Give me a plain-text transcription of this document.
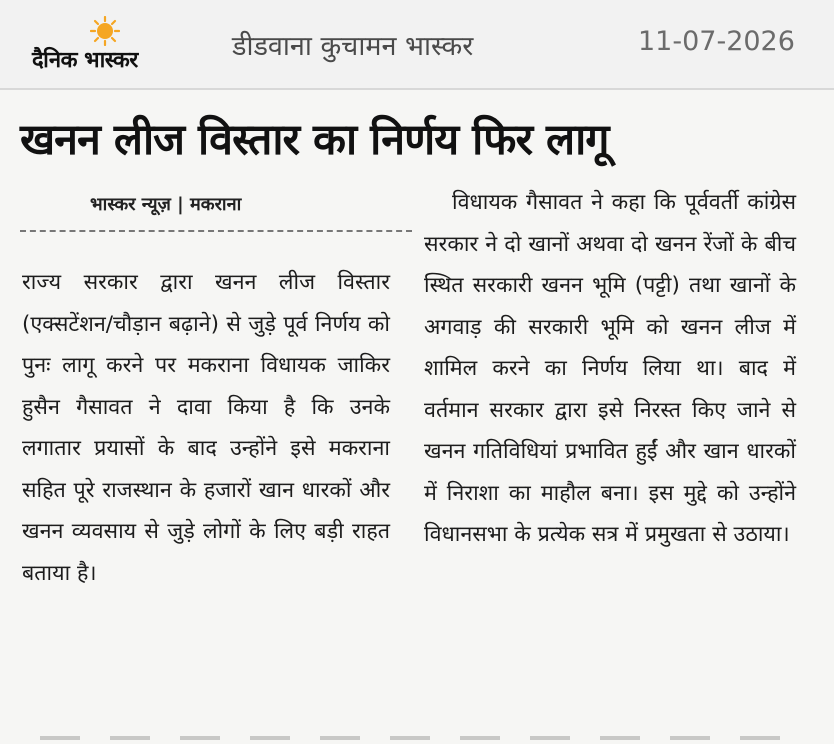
दैनिक भास्कर	डीडवाना कुचामन भास्कर	11-07-2026
खनन लीज विस्तार का निर्णय फिर लागू
भास्कर न्यूज़ | मकराना
राज्य सरकार द्वारा खनन लीज विस्तार (एक्सटेंशन/चौड़ान बढ़ाने) से जुड़े पूर्व निर्णय को पुनः लागू करने पर मकराना विधायक जाकिर हुसैन गैसावत ने दावा किया है कि उनके लगातार प्रयासों के बाद उन्होंने इसे मकराना सहित पूरे राजस्थान के हजारों खान धारकों और खनन व्यवसाय से जुड़े लोगों के लिए बड़ी राहत बताया है।
विधायक गैसावत ने कहा कि पूर्ववर्ती कांग्रेस सरकार ने दो खानों अथवा दो खनन रेंजों के बीच स्थित सरकारी खनन भूमि (पट्टी) तथा खानों के अगवाड़ की सरकारी भूमि को खनन लीज में शामिल करने का निर्णय लिया था। बाद में वर्तमान सरकार द्वारा इसे निरस्त किए जाने से खनन गतिविधियां प्रभावित हुईं और खान धारकों में निराशा का माहौल बना। इस मुद्दे को उन्होंने विधानसभा के प्रत्येक सत्र में प्रमुखता से उठाया।
